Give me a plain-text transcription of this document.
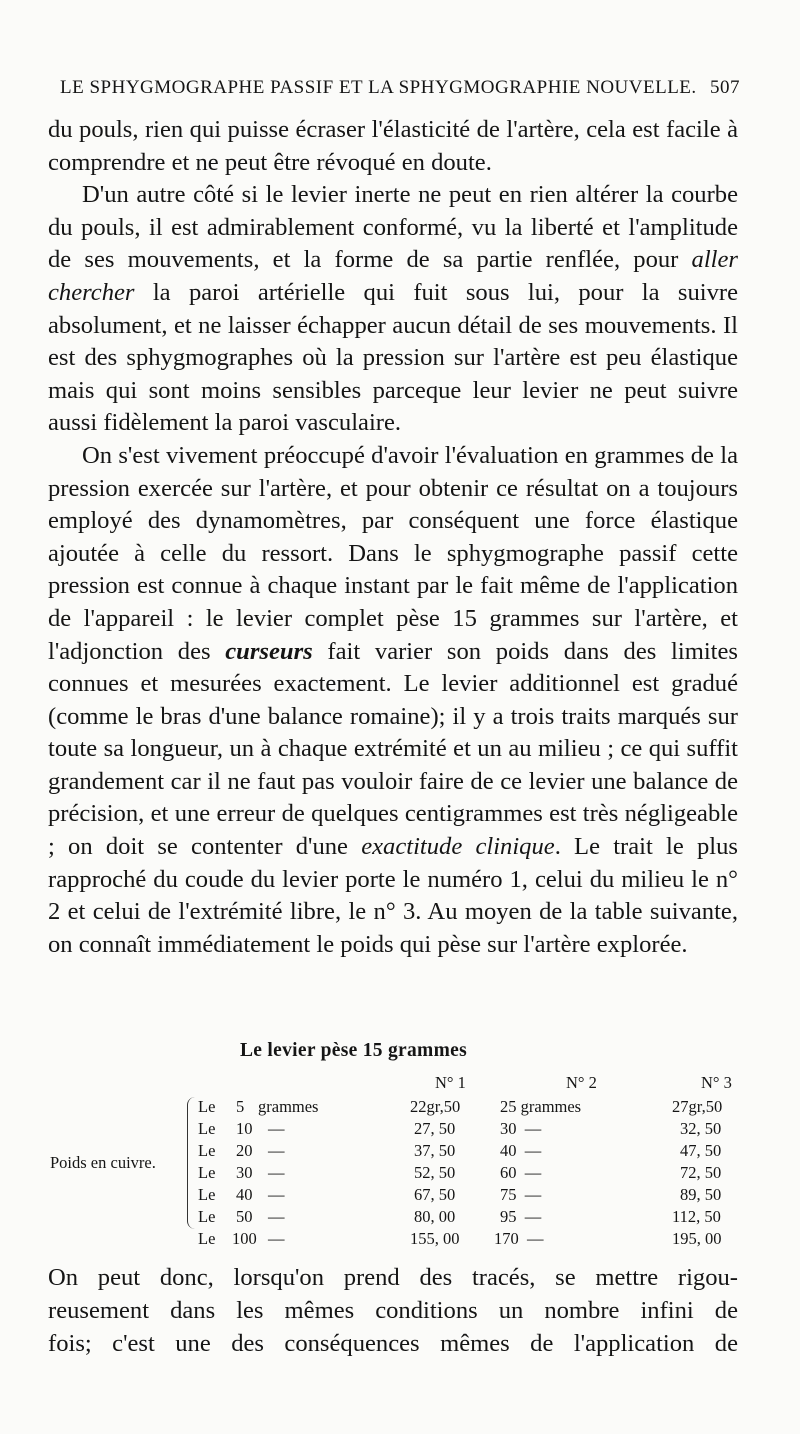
LE SPHYGMOGRAPHE PASSIF ET LA SPHYGMOGRAPHIE NOUVELLE. 507

du pouls, rien qui puisse écraser l'élasticité de l'artère, cela est facile à comprendre et ne peut être révoqué en doute.

D'un autre côté si le levier inerte ne peut en rien altérer la courbe du pouls, il est admirablement conformé, vu la liberté et l'amplitude de ses mouvements, et la forme de sa partie renflée, pour aller chercher la paroi artérielle qui fuit sous lui, pour la suivre absolument, et ne laisser échapper aucun détail de ses mouvements. Il est des sphygmographes où la pression sur l'artère est peu élastique mais qui sont moins sensibles parceque leur levier ne peut suivre aussi fidèlement la paroi vasculaire.

On s'est vivement préoccupé d'avoir l'évaluation en grammes de la pression exercée sur l'artère, et pour obtenir ce résultat on a toujours employé des dynamomètres, par conséquent une force élastique ajoutée à celle du ressort. Dans le sphygmographe passif cette pression est connue à chaque instant par le fait même de l'application de l'appareil : le levier complet pèse 15 grammes sur l'artère, et l'adjonction des curseurs fait varier son poids dans des limites connues et mesurées exactement. Le levier additionnel est gradué (comme le bras d'une balance romaine); il y a trois traits marqués sur toute sa longueur, un à chaque extrémité et un au milieu ; ce qui suffit grandement car il ne faut pas vouloir faire de ce levier une balance de précision, et une erreur de quelques centigrammes est très négligeable ; on doit se contenter d'une exactitude clinique. Le trait le plus rapproché du coude du levier porte le numéro 1, celui du milieu le n° 2 et celui de l'extrémité libre, le n° 3. Au moyen de la table suivante, on connaît immédiatement le poids qui pèse sur l'artère explorée.

Le levier pèse 15 grammes
N° 1	N° 2	N° 3
Poids en cuivre.
Le 5 grammes	22gr,50 25 grammes	27gr,50
Le 10 —	27, 50	30  —	32, 50
Le 20 —	37, 50	40  —	47, 50
Le 30 —	52, 50	60  —	72, 50
Le 40 —	67, 50	75  —	89, 50
Le 50 —	80, 00	95  —	112, 50
Le 100 —	155, 00 170  —	195, 00
On peut donc, lorsqu'on prend des tracés, se mettre rigou-
reusement dans les mêmes conditions un nombre infini de
fois; c'est une des conséquences mêmes de l'application de
